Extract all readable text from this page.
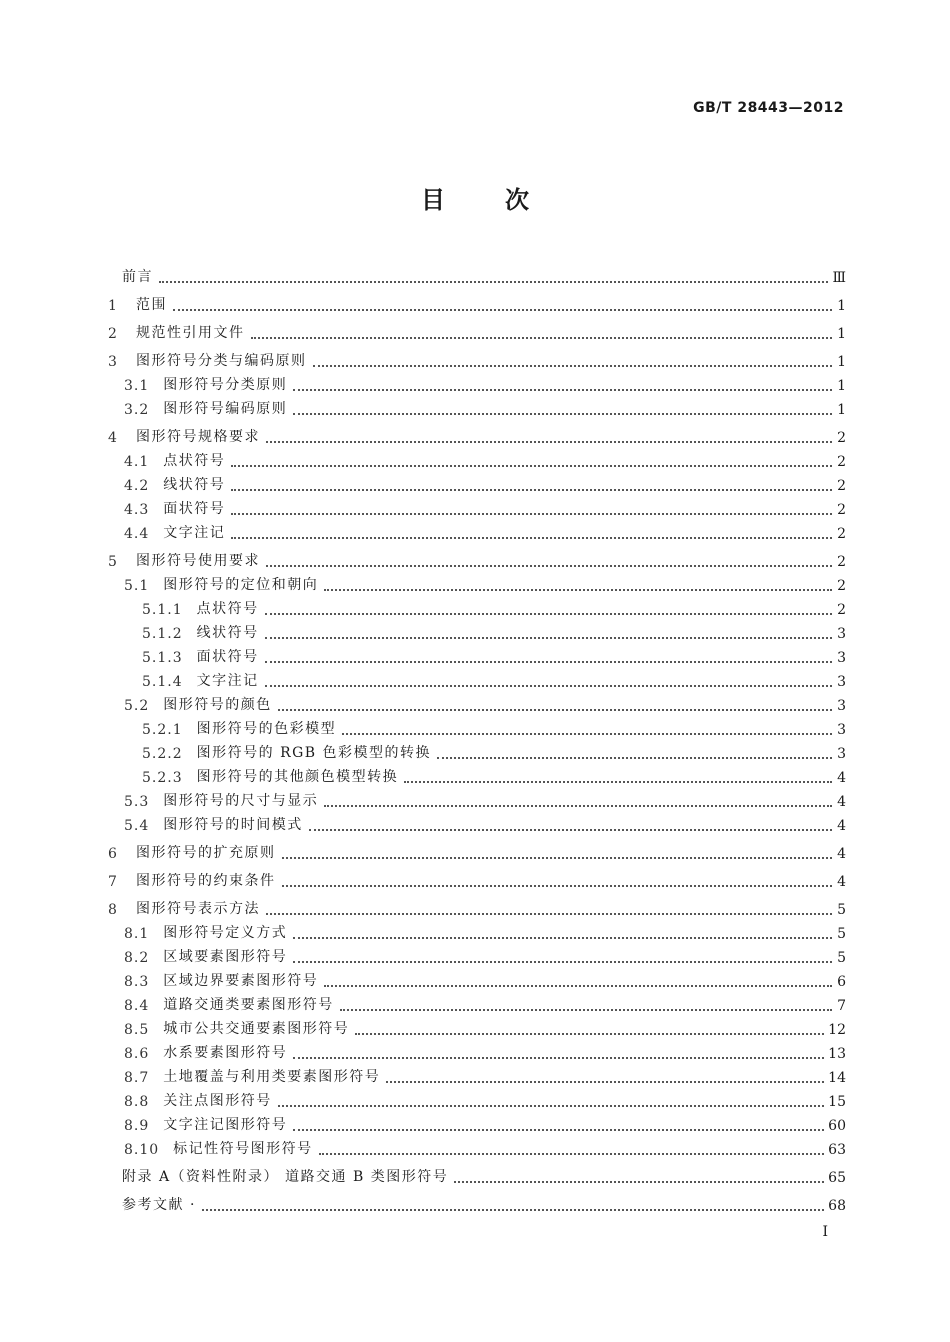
GB/T 28443—2012
目	次
前言	Ⅲ
1	范围	1
2	规范性引用文件	1
3	图形符号分类与编码原则	1
3.1	图形符号分类原则	1
3.2	图形符号编码原则	1
4	图形符号规格要求	2
4.1	点状符号	2
4.2	线状符号	2
4.3	面状符号	2
4.4	文字注记	2
5	图形符号使用要求	2
5.1	图形符号的定位和朝向	2
5.1.1	点状符号	2
5.1.2	线状符号	3
5.1.3	面状符号	3
5.1.4	文字注记	3
5.2	图形符号的颜色	3
5.2.1	图形符号的色彩模型	3
5.2.2	图形符号的 RGB 色彩模型的转换	3
5.2.3	图形符号的其他颜色模型转换	4
5.3	图形符号的尺寸与显示	4
5.4	图形符号的时间模式	4
6	图形符号的扩充原则	4
7	图形符号的约束条件	4
8	图形符号表示方法	5
8.1	图形符号定义方式	5
8.2	区域要素图形符号	5
8.3	区域边界要素图形符号	6
8.4	道路交通类要素图形符号	7
8.5	城市公共交通要素图形符号	12
8.6	水系要素图形符号	13
8.7	土地覆盖与利用类要素图形符号	14
8.8	关注点图形符号	15
8.9	文字注记图形符号	60
8.10	标记性符号图形符号	63
附录 A（资料性附录） 道路交通 B 类图形符号	65
参考文献 ·	68
I
